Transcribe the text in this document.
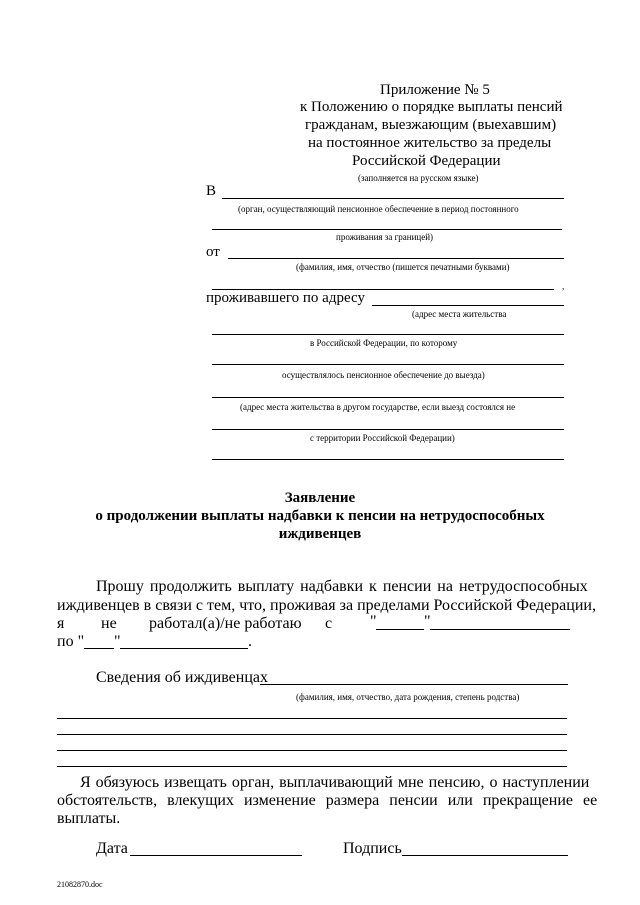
Приложение № 5
к Положению о порядке выплаты пенсий
гражданам, выезжающим (выехавшим)
на постоянное жительство за пределы
Российской Федерации
(заполняется на русском языке)
В
(орган, осуществляющий пенсионное обеспечение в период постоянного
проживания за границей)
от
(фамилия, имя, отчество (пишется печатными буквами)
,
проживавшего по адресу
(адрес места жительства
в Российской Федерации, по которому
осуществлялось пенсионное обеспечение до выезда)
(адрес места жительства в другом государстве, если выезд состоялся не
с территории Российской Федерации)
Заявление
о продолжении выплаты надбавки к пенсии на нетрудоспособных
иждивенцев
Прошу продолжить выплату надбавки к пенсии на нетрудоспособных
иждивенцев в связи с тем, что, проживая за пределами Российской Федерации,
я не работал(а)/не работаю с "	"
по " "	.
Сведения об иждивенцах
(фамилия, имя, отчество, дата рождения, степень родства)
Я обязуюсь извещать орган, выплачивающий мне пенсию, о наступлении
обстоятельств, влекущих изменение размера пенсии или прекращение ее
выплаты.
Дата	Подпись
21082870.doc
